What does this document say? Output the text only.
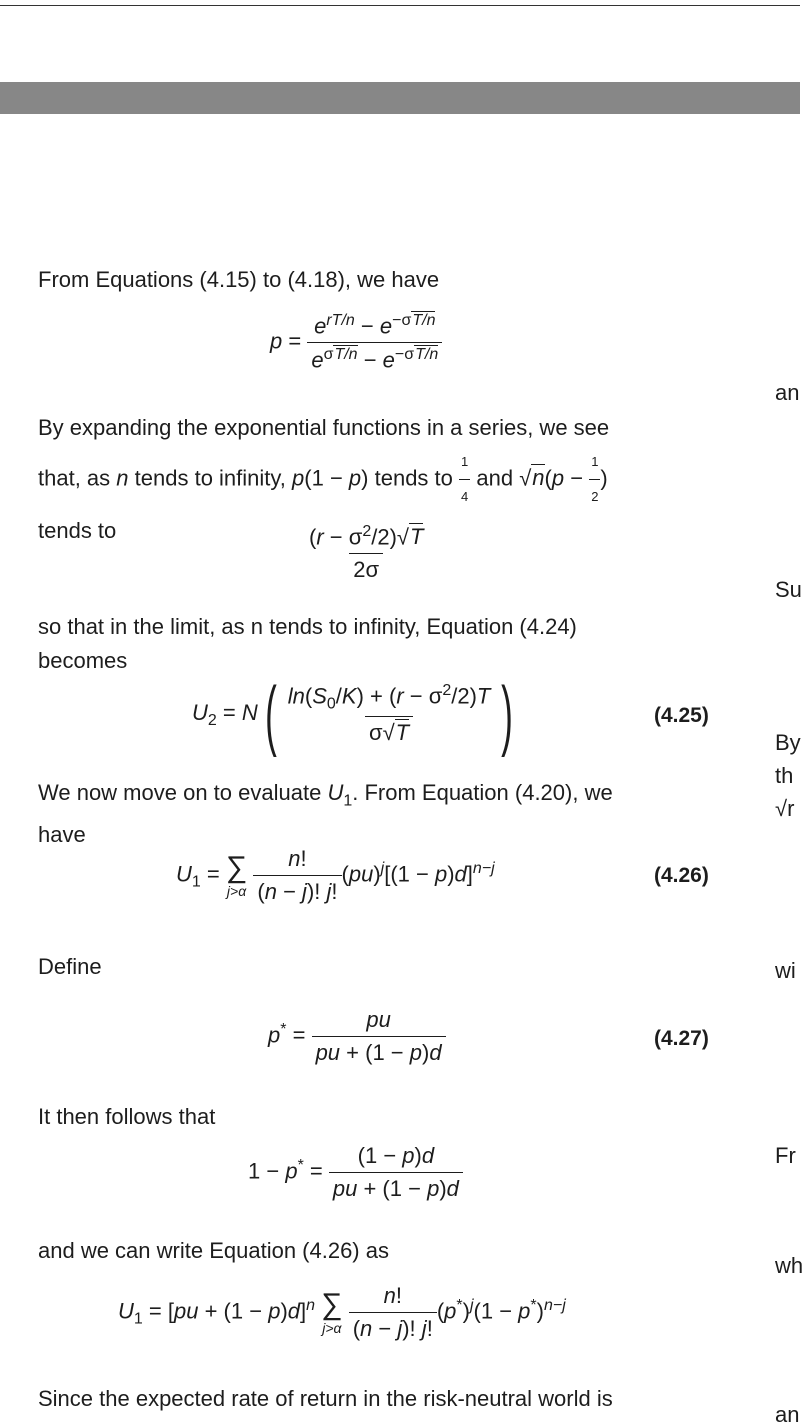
From Equations (4.15) to (4.18), we have
$p = \frac{e^{rT/n} - e^{-\sigma T/n}}{e^{\sigma T/n} - e^{-\sigma T/n}}$
By expanding the exponential functions in a series, we see
that, as n tends to infinity, p(1 − p) tends to $\frac{1}{4}$ and $√n(p - \frac{1}{2}$ )
tends to	$\frac{(r - \sigma^2/2)√T}{2\sigma}$
so that in the limit, as n tends to infinity, Equation (4.24)
becomes
$U_2 = N( \frac{\ln(S_0/K) + (r - \sigma^2/2)T}{\sigma√T}$ )	(4.25)
We now move on to evaluate $U_1$. From Equation (4.20), we
have
$U_1$ = ∑
j>α
$\frac{n!}{(n - j)! j!} (pu)^j[(1 - p)d]^{n-j}$	(4.26)
Define
$p^* = \frac{pu}{pu + (1 - p)d}$	(4.27)
It then follows that
$1 - p^* = \frac{(1 - p)d}{pu + (1 - p)d}$
and we can write Equation (4.26) as
$U_1 = [pu + (1 - p)d]^n$ ∑
j>α
$\frac{n!}{(n - j)! j!} (p^*)^j(1 - p^*)^{n-j}$
Since the expected rate of return in the risk-neutral world is
an
Su
By
th
√r
wi
Fr
wh
an
